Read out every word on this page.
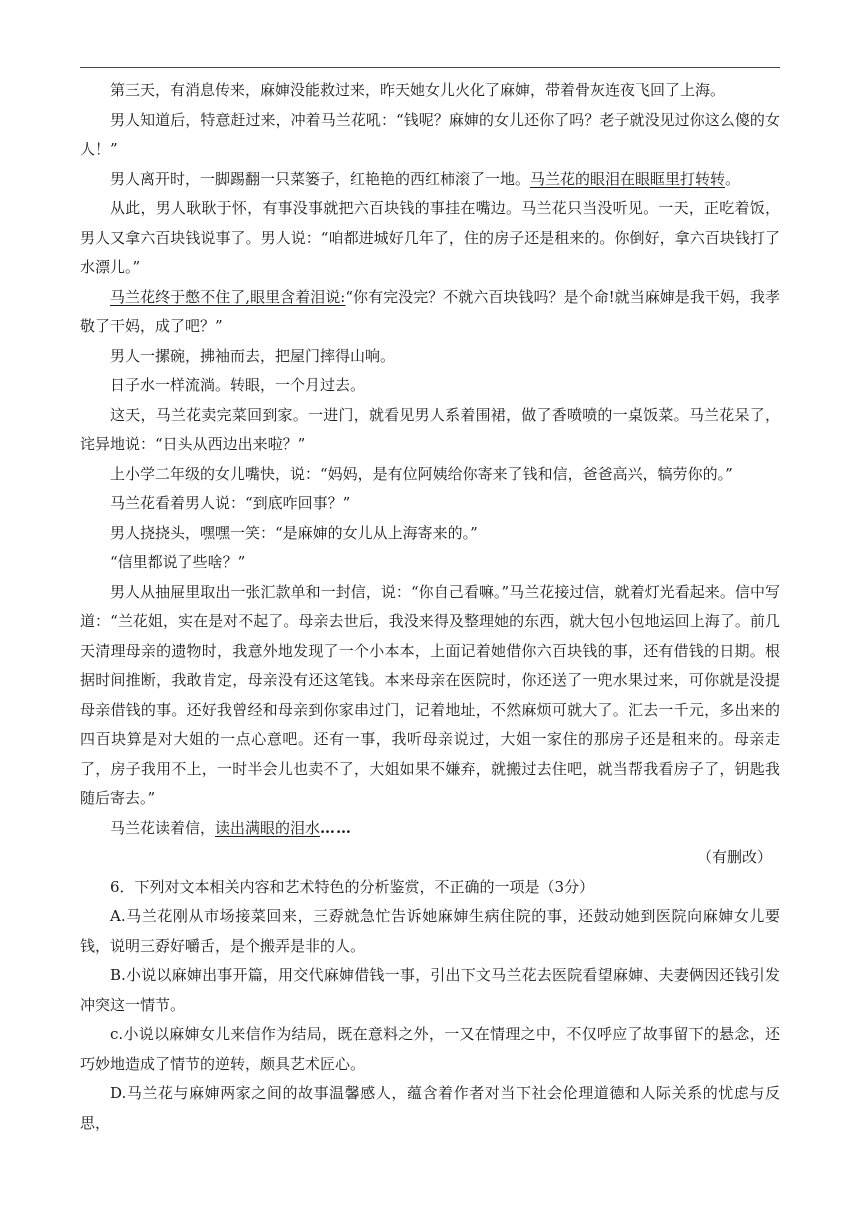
第三天，有消息传来，麻婶没能救过来，昨天她女儿火化了麻婶，带着骨灰连夜飞回了上海。

男人知道后，特意赶过来，冲着马兰花吼：“钱呢？麻婶的女儿还你了吗？老子就没见过你这么傻的女人！”

男人离开时，一脚踢翻一只菜篓子，红艳艳的西红柿滚了一地。马兰花的眼泪在眼眶里打转转。

从此，男人耿耿于怀，有事没事就把六百块钱的事挂在嘴边。马兰花只当没听见。一天，正吃着饭，男人又拿六百块钱说事了。男人说：“咱都进城好几年了，住的房子还是租来的。你倒好，拿六百块钱打了水漂儿。”

马兰花终于憋不住了,眼里含着泪说:“你有完没完？不就六百块钱吗？是个命!就当麻婶是我干妈，我孝敬了干妈，成了吧？”

男人一摞碗，拂袖而去，把屋门摔得山响。

日子水一样流淌。转眼，一个月过去。

这天，马兰花卖完菜回到家。一进门，就看见男人系着围裙，做了香喷喷的一桌饭菜。马兰花呆了，诧异地说：“日头从西边出来啦？”

上小学二年级的女儿嘴快，说：“妈妈，是有位阿姨给你寄来了钱和信，爸爸高兴，犒劳你的。”

马兰花看着男人说：“到底咋回事？”

男人挠挠头，嘿嘿一笑：“是麻婶的女儿从上海寄来的。”

“信里都说了些啥？”

男人从抽屉里取出一张汇款单和一封信，说：“你自己看嘛。”马兰花接过信，就着灯光看起来。信中写道：“兰花姐，实在是对不起了。母亲去世后，我没来得及整理她的东西，就大包小包地运回上海了。前几天清理母亲的遗物时，我意外地发现了一个小本本，上面记着她借你六百块钱的事，还有借钱的日期。根据时间推断，我敢肯定，母亲没有还这笔钱。本来母亲在医院时，你还送了一兜水果过来，可你就是没提母亲借钱的事。还好我曾经和母亲到你家串过门，记着地址，不然麻烦可就大了。汇去一千元，多出来的四百块算是对大姐的一点心意吧。还有一事，我听母亲说过，大姐一家住的那房子还是租来的。母亲走了，房子我用不上，一时半会儿也卖不了，大姐如果不嫌弃，就搬过去住吧，就当帮我看房子了，钥匙我随后寄去。”

马兰花读着信，读出满眼的泪水……

（有删改）

6．下列对文本相关内容和艺术特色的分析鉴赏，不正确的一项是（3分）

A.马兰花刚从市场接菜回来，三孬就急忙告诉她麻婶生病住院的事，还鼓动她到医院向麻婶女儿要钱，说明三孬好嚼舌，是个搬弄是非的人。

B.小说以麻婶出事开篇，用交代麻婶借钱一事，引出下文马兰花去医院看望麻婶、夫妻俩因还钱引发冲突这一情节。

c.小说以麻婶女儿来信作为结局，既在意料之外，一又在情理之中，不仅呼应了故事留下的悬念，还巧妙地造成了情节的逆转，颇具艺术匠心。

D.马兰花与麻婶两家之间的故事温馨感人，蕴含着作者对当下社会伦理道德和人际关系的忧虑与反思，
